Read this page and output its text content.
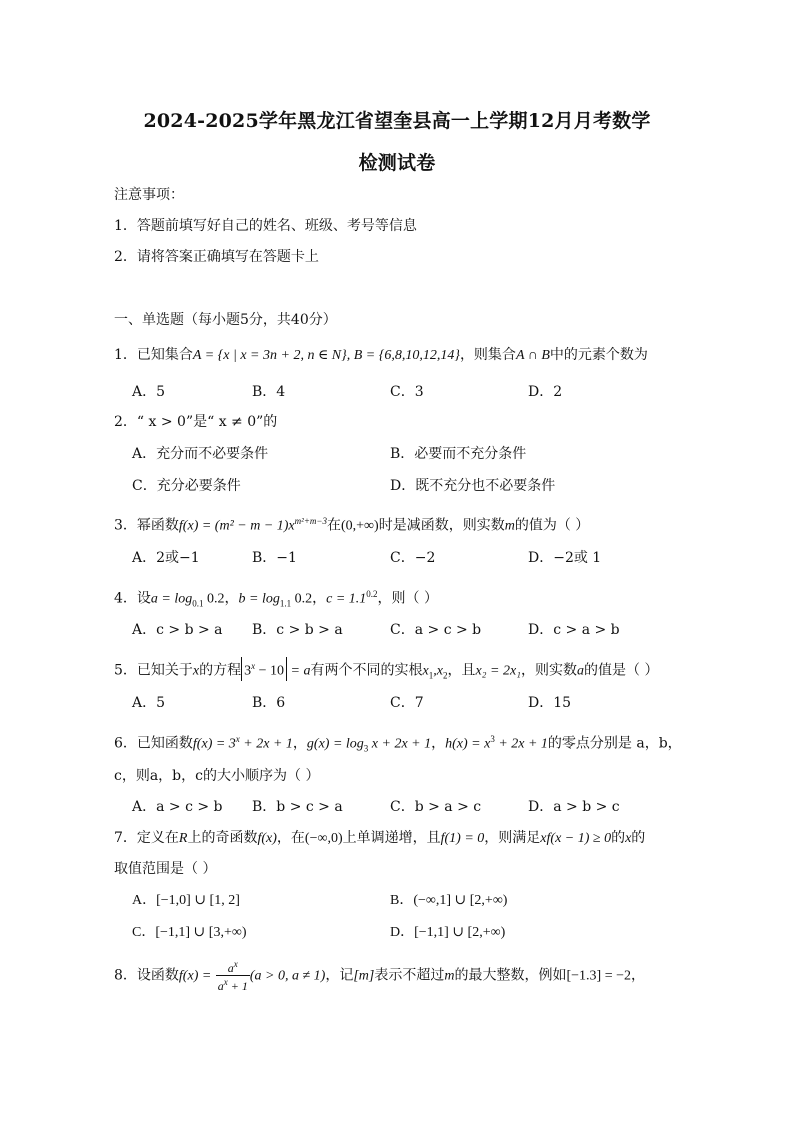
2024-2025学年黑龙江省望奎县高一上学期12月月考数学
检测试卷
注意事项：
1．答题前填写好自己的姓名、班级、考号等信息
2．请将答案正确填写在答题卡上
一、单选题（每小题5分，共40分）
1．已知集合A = {x | x = 3n + 2, n ∈ N}, B = {6,8,10,12,14}，则集合A ∩ B中的元素个数为
A．5	B．4	C．3	D．2
2．“ x > 0”是“ x ≠ 0”的
A．充分而不必要条件	B．必要而不充分条件
C．充分必要条件	D．既不充分也不必要条件
3．幂函数$f(x) = (m^2 - m - 1)x^{m^2+m-3}$在(0,+∞)时是减函数，则实数m的值为（ ）
A．2或−1	B．−1	C．−2	D．−2或 1
4．设$a = \log_{0.1} 0.2$，$b = \log_{1.1} 0.2$，$c = 1.1^{0.2}$，则（ ）
A．c > b > a B．c > b > a	C．a > c > b	D．c > a > b
5．已知关于x的方程 $3^x - 10 = a$有两个不同的实根$x_1,x_2$，且x₂ = 2x₁，则实数a的值是（ ）
A．5	B．6	C．7	D．15
6．已知函数$f(x) = 3^x + 2x + 1$，$g(x) = \log_3 x + 2x + 1$，$h(x) = x^3 + 2x + 1$的零点分别是 a，b，
c，则a，b，c的大小顺序为（ ）
A．a > c > b B．b > c > a	C．b > a > c	D．a > b > c
7．定义在R上的奇函数f(x)，在(−∞,0)上单调递增，且f(1) = 0，则满足xf(x − 1) ≥ 0的x的
取值范围是（ ）
A．[−1,0] ∪ [1, 2]	B．(−∞,1] ∪ [2,+∞)
C．[−1,1] ∪ [3,+∞)	D．[−1,1] ∪ [2,+∞)
8．设函数$f(x) = \frac{a^x}{a^x + 1} (a > 0$, a ≠ 1)，记[m]表示不超过m的最大整数，例如[−1.3] = −2，
